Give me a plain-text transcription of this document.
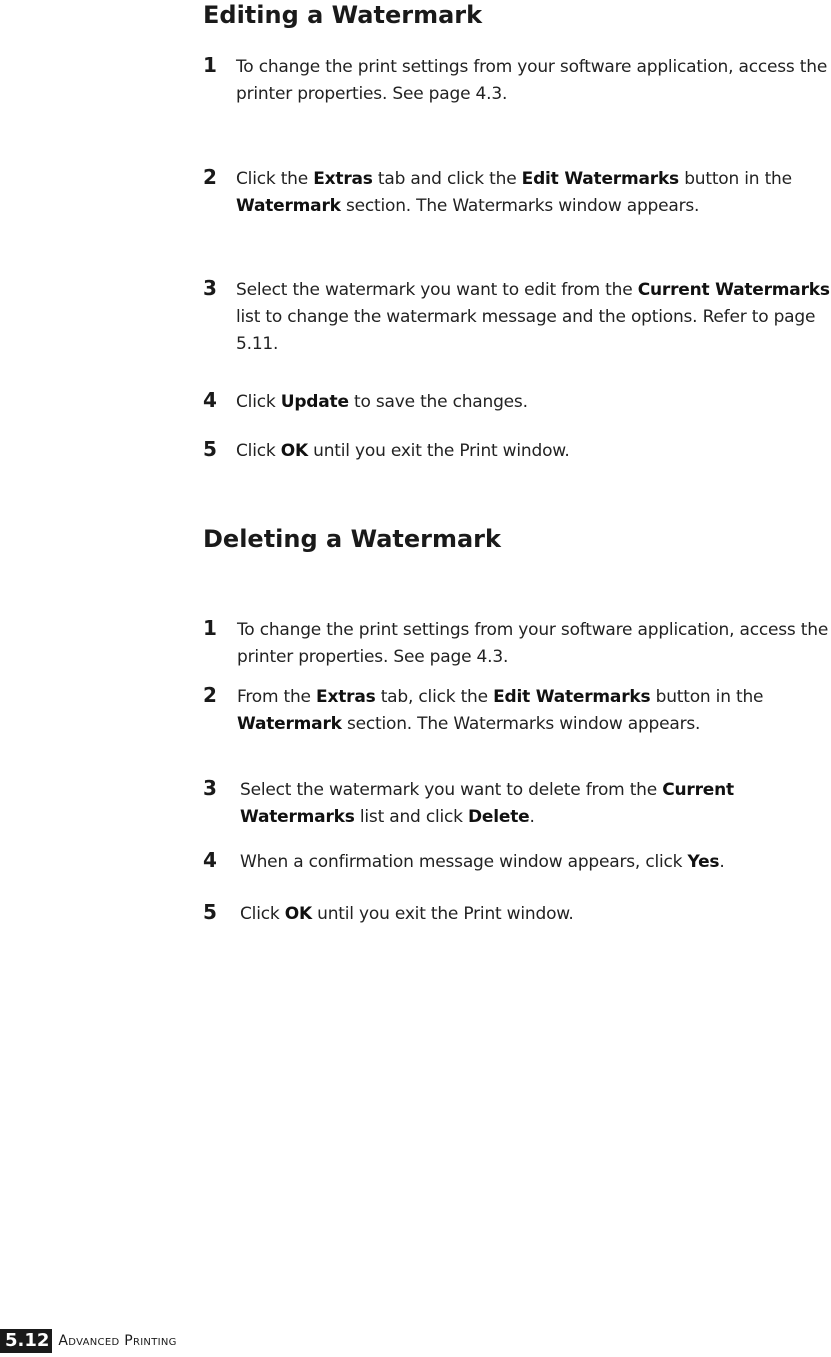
Editing a Watermark
1 To change the print settings from your software application, access the printer properties. See page 4.3.
2 Click the Extras tab and click the Edit Watermarks button in the Watermark section. The Watermarks window appears.
3 Select the watermark you want to edit from the Current Watermarks list to change the watermark message and the options. Refer to page 5.11.
4 Click Update to save the changes.
5 Click OK until you exit the Print window.
Deleting a Watermark
1 To change the print settings from your software application, access the printer properties. See page 4.3.
2 From the Extras tab, click the Edit Watermarks button in the Watermark section. The Watermarks window appears.
3 Select the watermark you want to delete from the Current Watermarks list and click Delete.
4 When a confirmation message window appears, click Yes.
5 Click OK until you exit the Print window.
5.12 Advanced Printing
